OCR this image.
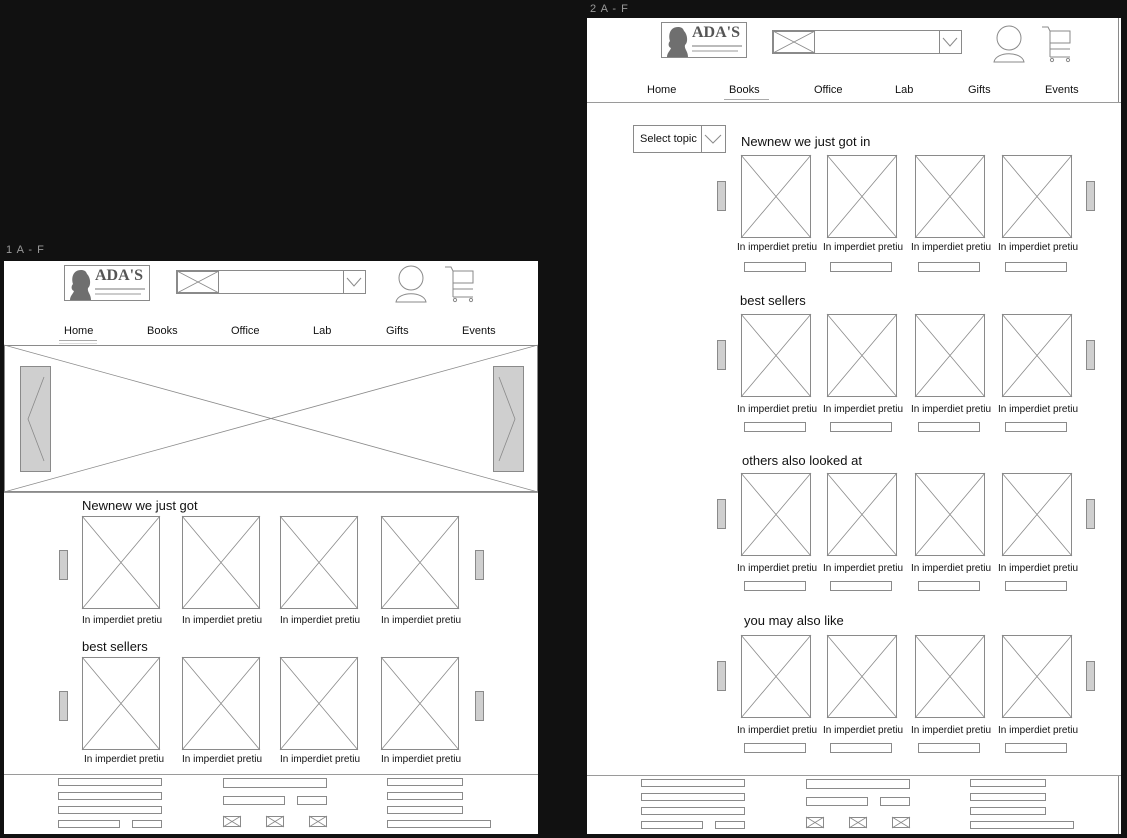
1 A - F
ADA'S
Home	Books	Office	Lab	Gifts	Events
Newnew we just got
In imperdiet pretiu In imperdiet pretiu In imperdiet pretiu In imperdiet pretiu
best sellers
In imperdiet pretiu In imperdiet pretiu In imperdiet pretiu In imperdiet pretiu
2 A - F
ADA'S
Home	Books	Office	Lab	Gifts	Events
Select topic	Newnew we just got in
In imperdiet pretiu In imperdiet pretiu In imperdiet pretiu In imperdiet pretiu
best sellers
In imperdiet pretiu In imperdiet pretiu In imperdiet pretiu In imperdiet pretiu
others also looked at
In imperdiet pretiu In imperdiet pretiu In imperdiet pretiu In imperdiet pretiu
you may also like
In imperdiet pretiu In imperdiet pretiu In imperdiet pretiu In imperdiet pretiu
